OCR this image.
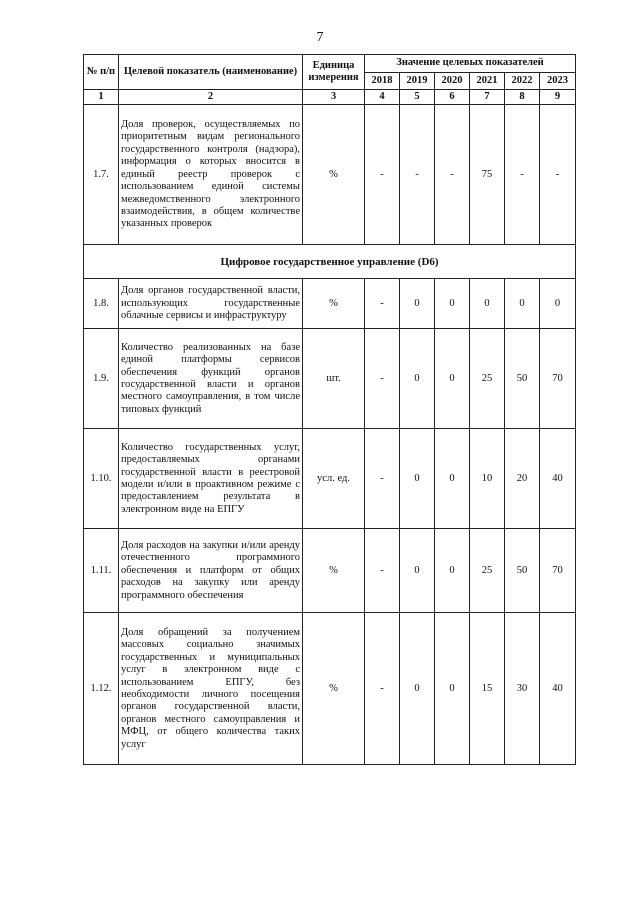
7
№ п/п	Целевой показатель (наименование)	Единица измерения	Значение целевых показателей					
			2018	2019	2020	2021	2022	2023
1	2	3	4	5	6	7	8	9
1.7.	Доля проверок, осуществляемых по приоритетным видам регионального государственного контроля (надзора), информация о которых вносится в единый реестр проверок с использованием единой системы межведомственного электронного взаимодействия, в общем количестве указанных проверок	%	-	-	-	75	-	-
Цифровое государственное управление (D6)								
1.8.	Доля органов государственной власти, использующих государственные облачные сервисы и инфраструктуру	%	-	0	0	0	0	0
1.9.	Количество реализованных на базе единой платформы сервисов обеспечения функций органов государственной власти и органов местного самоуправления, в том числе типовых функций	шт.	-	0	0	25	50	70
1.10.	Количество государственных услуг, предоставляемых органами государственной власти в реестровой модели и/или в проактивном режиме с предоставлением результата в электронном виде на ЕПГУ	усл. ед.	-	0	0	10	20	40
1.11.	Доля расходов на закупки и/или аренду отечественного программного обеспечения и платформ от общих расходов на закупку или аренду программного обеспечения	%	-	0	0	25	50	70
1.12.	Доля обращений за получением массовых социально значимых государственных и муниципальных услуг в электронном виде с использованием ЕПГУ, без необходимости личного посещения органов государственной власти, органов местного самоуправления и МФЦ, от общего количества таких услуг	%	-	0	0	15	30	40
